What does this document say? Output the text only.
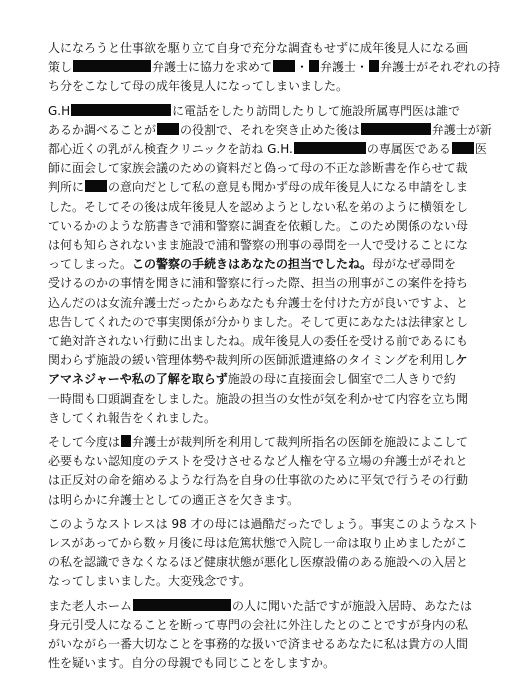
人になろうと仕事欲を駆り立て自身で充分な調査もせずに成年後見人になる画
策し	弁護士に協力を求めて ・ 弁護士・ 弁護士がそれぞれの持
ち分をこなして母の成年後見人になってしまいました。
G.H	に電話をしたり訪問したりして施設所属専門医は誰で
あるか調べることが の役割で、それを突き止めた後は	弁護士が新
都心近くの乳がん検査クリニックを訪ね G.H.	の専属医である 医
師に面会して家族会議のための資料だと偽って母の不正な診断書を作らせて裁
判所に の意向だとして私の意見も聞かず母の成年後見人になる申請をしま
した。そしてその後は成年後見人を認めようとしない私を弟のように横領をし
ているかのような筋書きで浦和警察に調査を依頼した。このため関係のない母
は何も知らされないまま施設で浦和警察の刑事の尋問を一人で受けることにな
ってしまった。この警察の手続きはあなたの担当でしたね。母がなぜ尋問を
受けるのかの事情を聞きに浦和警察に行った際、担当の刑事がこの案件を持ち
込んだのは女流弁護士だったからあなたも弁護士を付けた方が良いですよ、と
忠告してくれたので事実関係が分かりました。そして更にあなたは法律家とし
て絶対許されない行動に出ましたね。成年後見人の委任を受ける前であるにも
関わらず施設の緩い管理体勢や裁判所の医師派遣連絡のタイミングを利用しケ
アマネジャーや私の了解を取らず施設の母に直接面会し個室で二人きりで約
一時間も口頭調査をしました。施設の担当の女性が気を利かせて内容を立ち聞
きしてくれ報告をくれました。
そして今度は 弁護士が裁判所を利用して裁判所指名の医師を施設によこして
必要もない認知度のテストを受けさせるなど人権を守る立場の弁護士がそれと
は正反対の命を縮めるような行為を自身の仕事欲のために平気で行うその行動
は明らかに弁護士としての適正さを欠きます。
このようなストレスは 98 才の母には過酷だったでしょう。事実このようなスト
レスがあってから数ヶ月後に母は危篤状態で入院し一命は取り止めましたがこ
の私を認識できなくなるほど健康状態が悪化し医療設備のある施設への入居と
なってしまいました。大変残念です。
また老人ホーム	の人に聞いた話ですが施設入居時、あなたは
身元引受人になることを断って専門の会社に外注したとのことですが身内の私
がいながら一番大切なことを事務的な扱いで済ませるあなたに私は貴方の人間
性を疑います。自分の母親でも同じことをしますか。
